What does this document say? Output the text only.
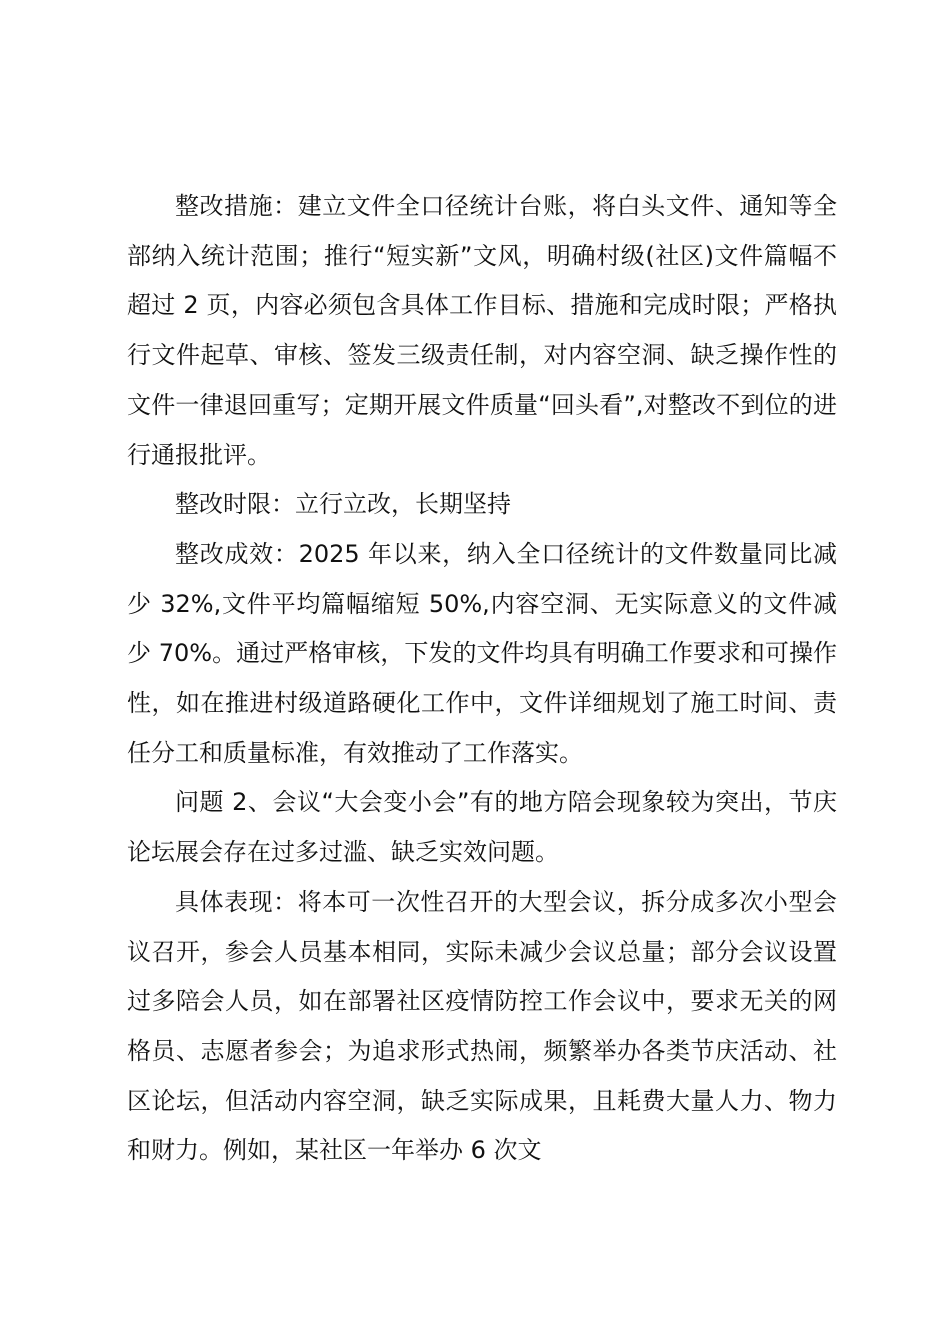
整改措施：建立文件全口径统计台账，将白头文件、通知等全部纳入统计范围；推行“短实新”文风，明确村级(社区)文件篇幅不超过 2 页，内容必须包含具体工作目标、措施和完成时限；严格执行文件起草、审核、签发三级责任制，对内容空洞、缺乏操作性的文件一律退回重写；定期开展文件质量“回头看”,对整改不到位的进行通报批评。

整改时限：立行立改，长期坚持

整改成效：2025 年以来，纳入全口径统计的文件数量同比减少 32%,文件平均篇幅缩短 50%,内容空洞、无实际意义的文件减少 70%。通过严格审核，下发的文件均具有明确工作要求和可操作性，如在推进村级道路硬化工作中，文件详细规划了施工时间、责任分工和质量标准，有效推动了工作落实。

问题 2、会议“大会变小会”有的地方陪会现象较为突出，节庆论坛展会存在过多过滥、缺乏实效问题。

具体表现：将本可一次性召开的大型会议，拆分成多次小型会议召开，参会人员基本相同，实际未减少会议总量；部分会议设置过多陪会人员，如在部署社区疫情防控工作会议中，要求无关的网格员、志愿者参会；为追求形式热闹，频繁举办各类节庆活动、社区论坛，但活动内容空洞，缺乏实际成果，且耗费大量人力、物力和财力。例如，某社区一年举办 6 次文
